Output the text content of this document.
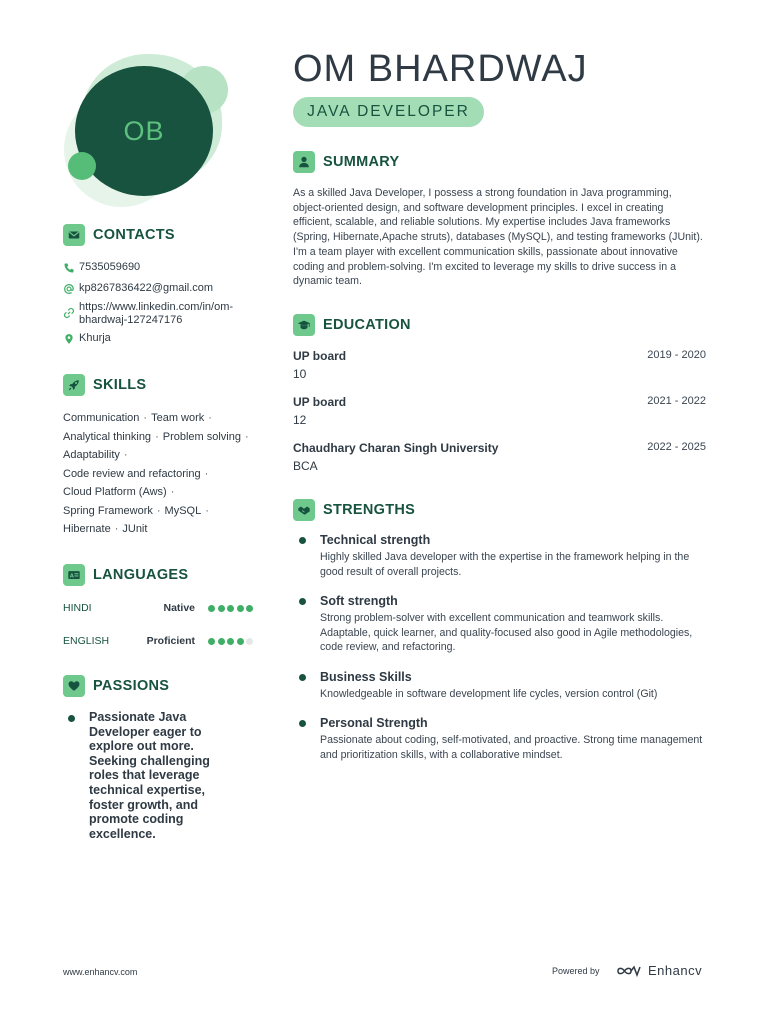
OB
CONTACTS
7535059690
kp8267836422@gmail.com
https://www.linkedin.com/in/om-
bhardwaj-127247176
Khurja
SKILLS
Communication · Team work ·
Analytical thinking · Problem solving ·
Adaptability ·
Code review and refactoring ·
Cloud Platform (Aws) ·
Spring Framework · MySQL ·
Hibernate · JUnit
A LANGUAGES
HINDI	Native
ENGLISH	Proficient
PASSIONS
Passionate Java Developer eager to explore out more. Seeking challenging roles that leverage technical expertise, foster growth, and promote coding excellence.
OM BHARDWAJ
JAVA DEVELOPER
SUMMARY
As a skilled Java Developer, I possess a strong foundation in Java programming, object-oriented design, and software development principles. I excel in creating efficient, scalable, and reliable solutions. My expertise includes Java frameworks (Spring, Hibernate,Apache struts), databases (MySQL), and testing frameworks (JUnit). I'm a team player with excellent communication skills, passionate about innovative coding and problem-solving. I'm excited to leverage my skills to drive success in a dynamic team.
EDUCATION
UP board	2019 - 2020
10
UP board	2021 - 2022
12
Chaudhary Charan Singh University	2022 - 2025
BCA
STRENGTHS
Technical strength
Highly skilled Java developer with the expertise in the framework helping in the good result of overall projects.
Soft strength
Strong problem-solver with excellent communication and teamwork skills. Adaptable, quick learner, and quality-focused also good in Agile methodologies, code review, and refactoring.
Business Skills
Knowledgeable in software development life cycles, version control (Git)
Personal Strength
Passionate about coding, self-motivated, and proactive. Strong time management and prioritization skills, with a collaborative mindset.
www.enhancv.com	Powered by	Enhancv
